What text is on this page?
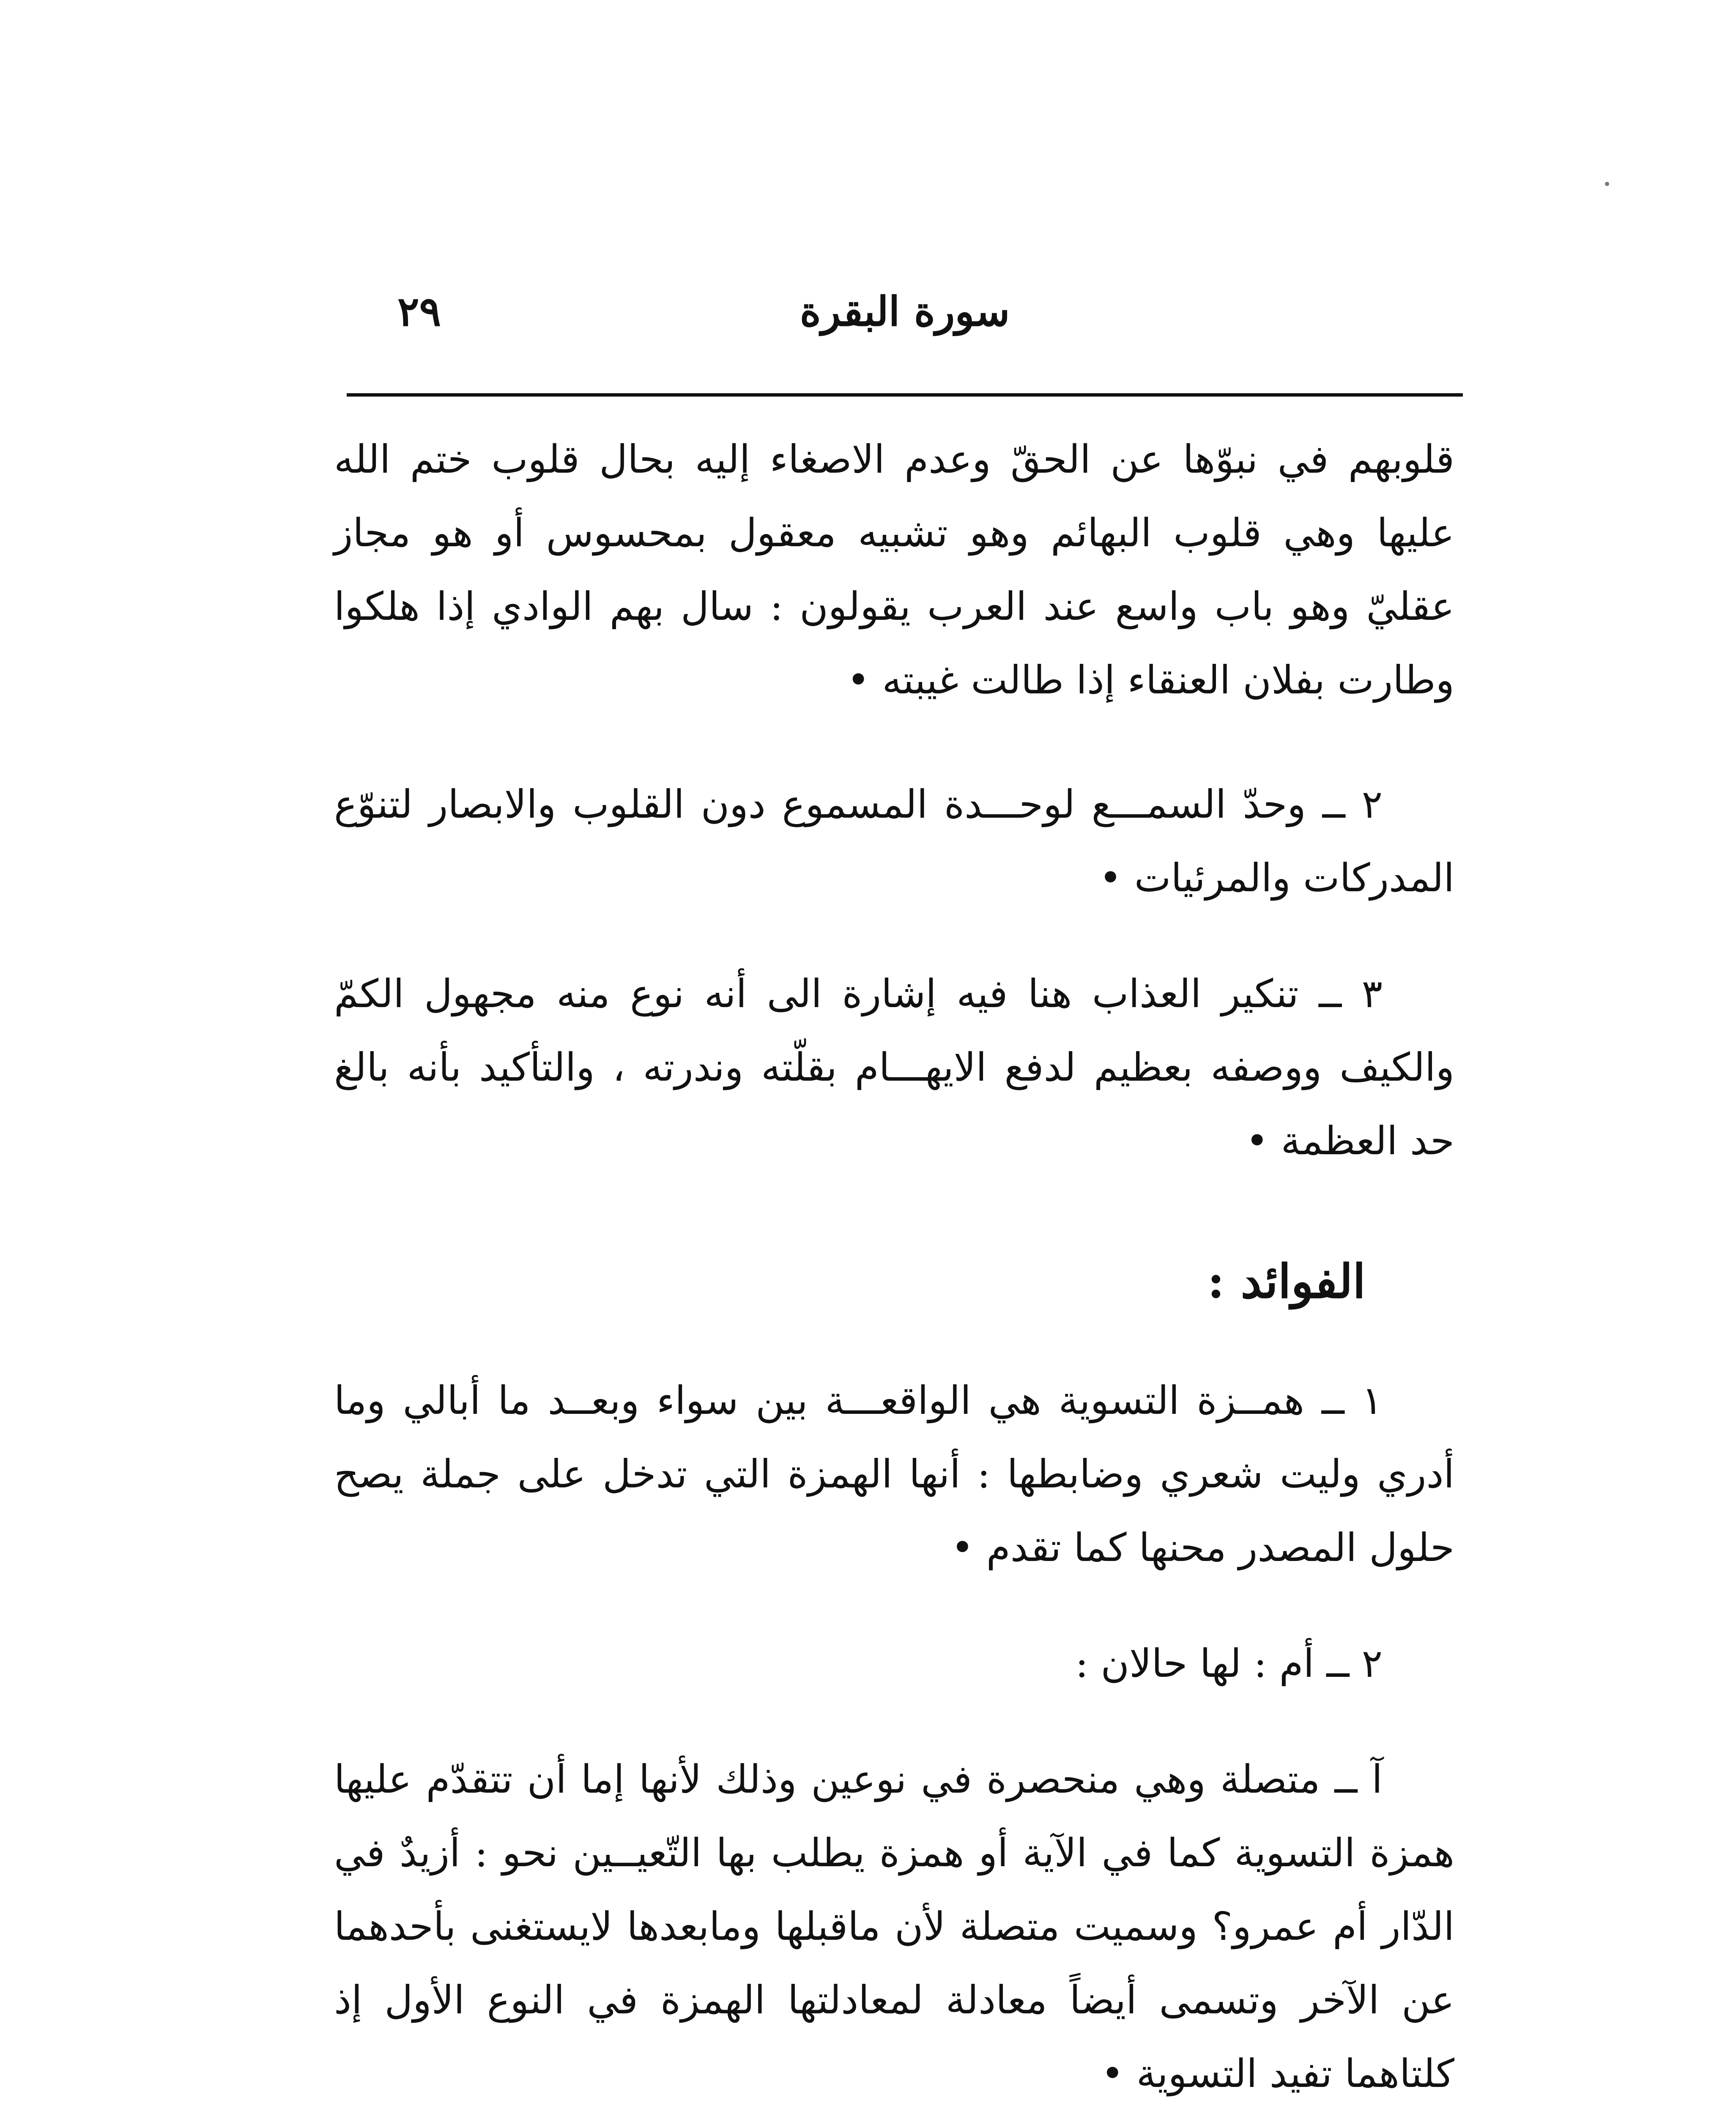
٢٩	سورة البقرة

قلوبهم في نبوّها عن الحقّ وعدم الاصغاء إليه بحال قلوب ختم الله عليها وهي قلوب البهائم وهو تشبيه معقول بمحسوس أو هو مجاز عقليّ وهو باب واسع عند العرب يقولون : سال بهم الوادي إذا هلكوا وطارت بفلان العنقاء إذا طالت غيبته •

٢ ــ وحدّ السمـــع لوحـــدة المسموع دون القلوب والابصار لتنوّع المدركات والمرئيات •

٣ ــ تنكير العذاب هنا فيه إشارة الى أنه نوع منه مجهول الكمّ والكيف ووصفه بعظيم لدفع الايهـــام بقلّته وندرته ، والتأكيد بأنه بالغ حد العظمة •

الفوائد :

١ ــ همــزة التسوية هي الواقعـــة بين سواء وبعــد ما أبالي وما أدري وليت شعري وضابطها : أنها الهمزة التي تدخل على جملة يصح حلول المصدر محنها كما تقدم •

٢ ــ أم : لها حالان :

آ ــ متصلة وهي منحصرة في نوعين وذلك لأنها إما أن تتقدّم عليها همزة التسوية كما في الآية أو همزة يطلب بها التّعيــين نحو : أزيدٌ في الدّار أم عمرو؟ وسميت متصلة لأن ماقبلها ومابعدها لايستغنى بأحدهما عن الآخر وتسمى أيضاً معادلة لمعادلتها الهمزة في النوع الأول إذ كلتاهما تفيد التسوية •
